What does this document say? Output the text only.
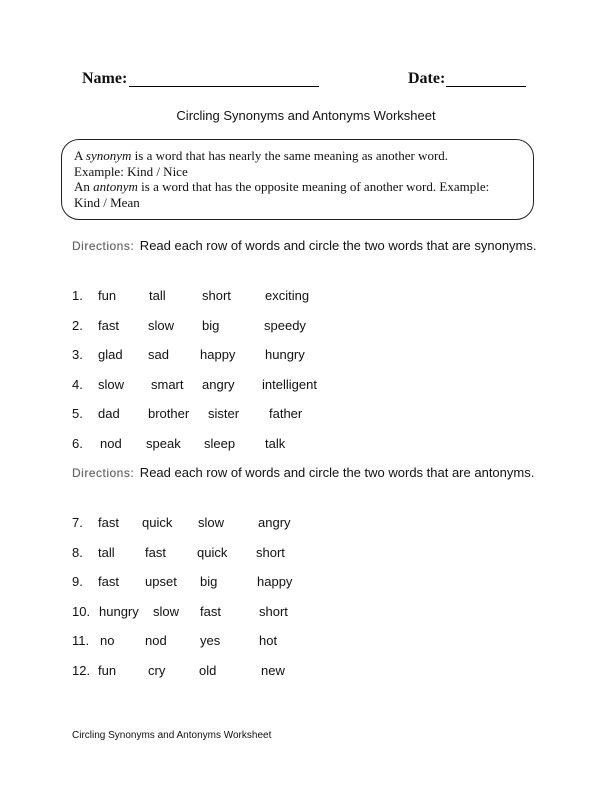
Name:	Date:
Circling Synonyms and Antonyms Worksheet

A synonym is a word that has nearly the same meaning as another word.

Example: Kind / Nice

An antonym is a word that has the opposite meaning of another word. Example:

Kind / Mean

Directions: Read each row of words and circle the two words that are synonyms.
1. fun	tall	short	exciting
2. fast slow big	speedy
3. glad sad happy hungry
4. slow smart angry intelligent
5. dad brother sister father
6. nod speak sleep talk
Directions: Read each row of words and circle the two words that are antonyms.
7. fast quick slow	angry
8. tall fast quick short
9. fast upset big	happy
10. hungry slow fast	short
11. no nod	yes	hot
12. fun cry	old	new
Circling Synonyms and Antonyms Worksheet
